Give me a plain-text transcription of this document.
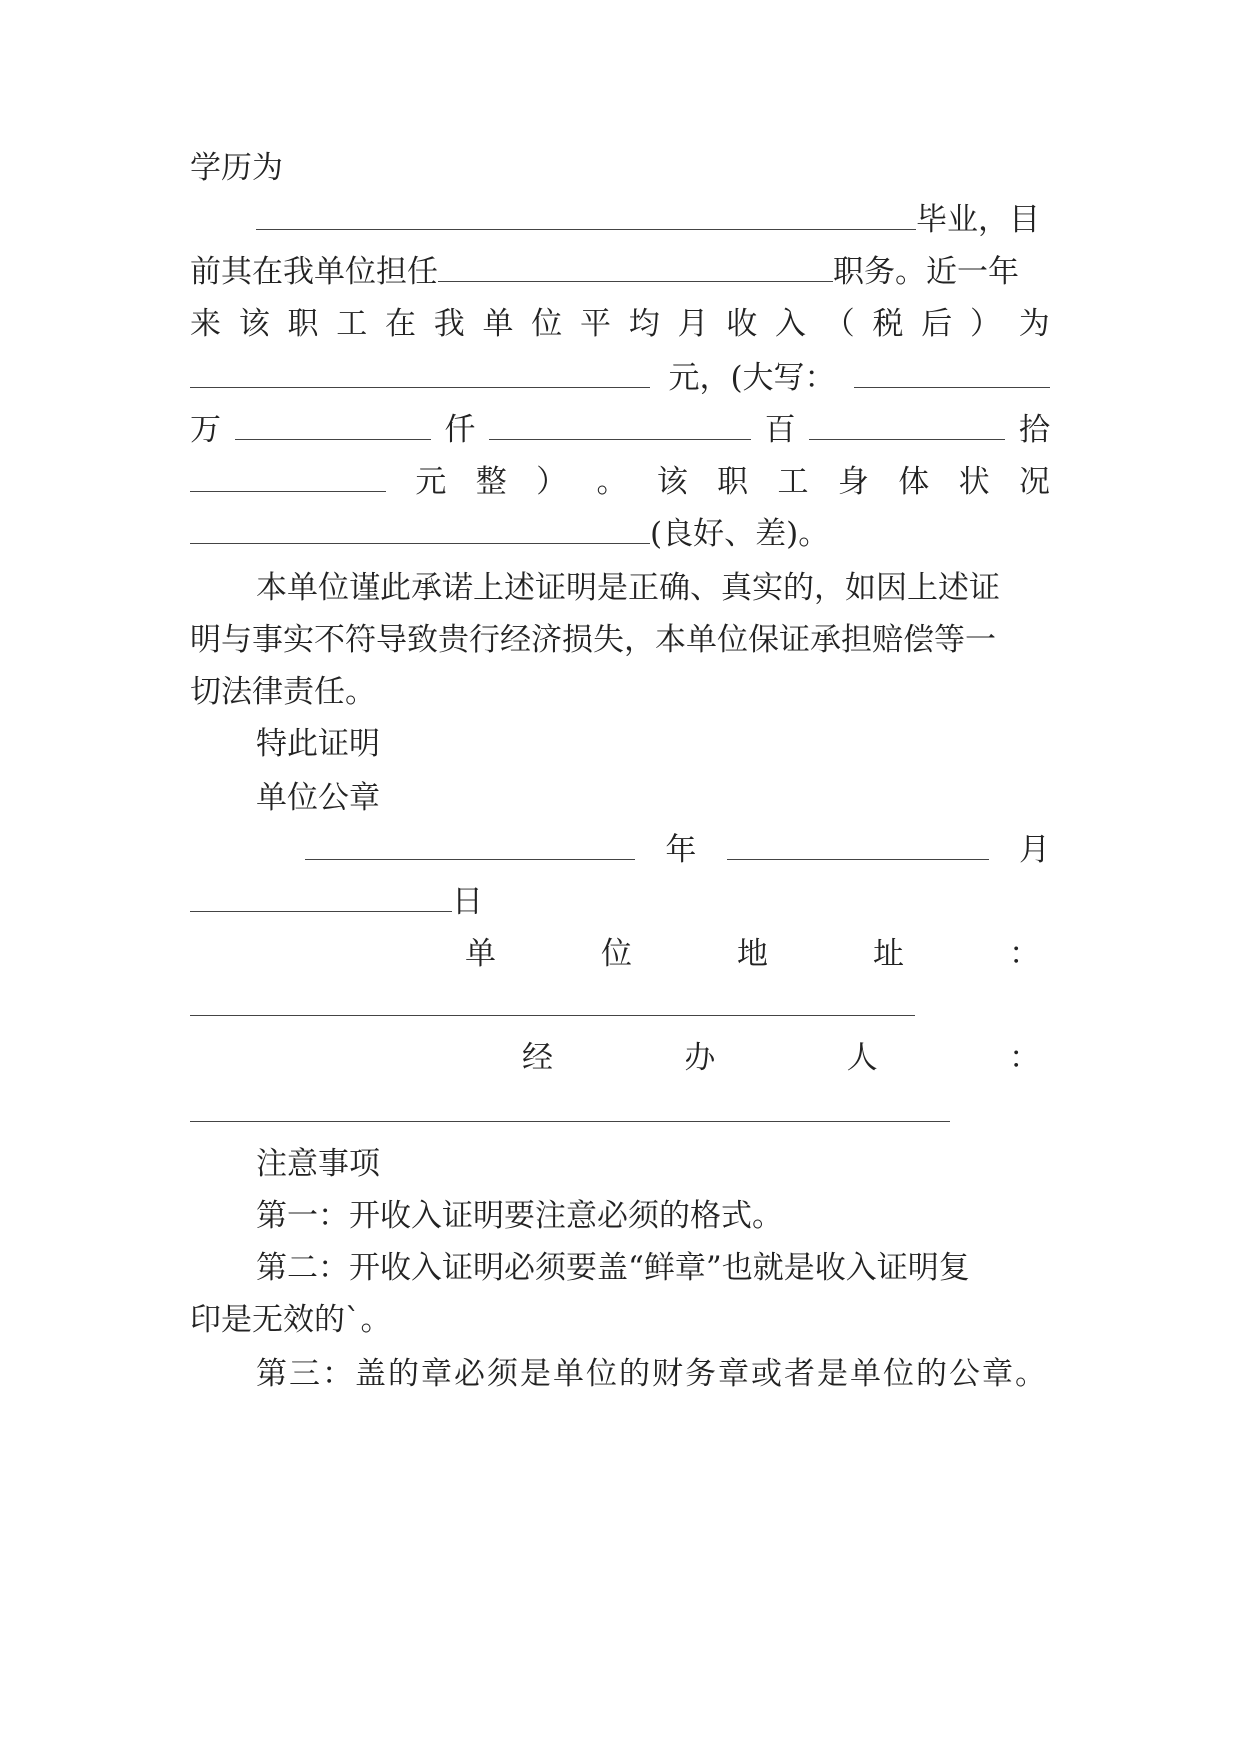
学历为
毕业，目
前其在我单位担任	职务。近一年
来 该 职 工 在 我 单 位 平 均 月 收 入 （ 税 后 ） 为
元，(大写：
万	仟	百	拾
元 整 ） 。 该 职 工 身 体 状 况
(良好、差)。
本单位谨此承诺上述证明是正确、真实的，如因上述证
明与事实不符导致贵行经济损失，本单位保证承担赔偿等一
切法律责任。
特此证明
单位公章
年	月
日
单	位	地	址	：
经	办	人	：
注意事项
第一：开收入证明要注意必须的格式。
第二：开收入证明必须要盖“鲜章”也就是收入证明复
印是无效的`。
第三：盖的章必须是单位的财务章或者是单位的公章。
